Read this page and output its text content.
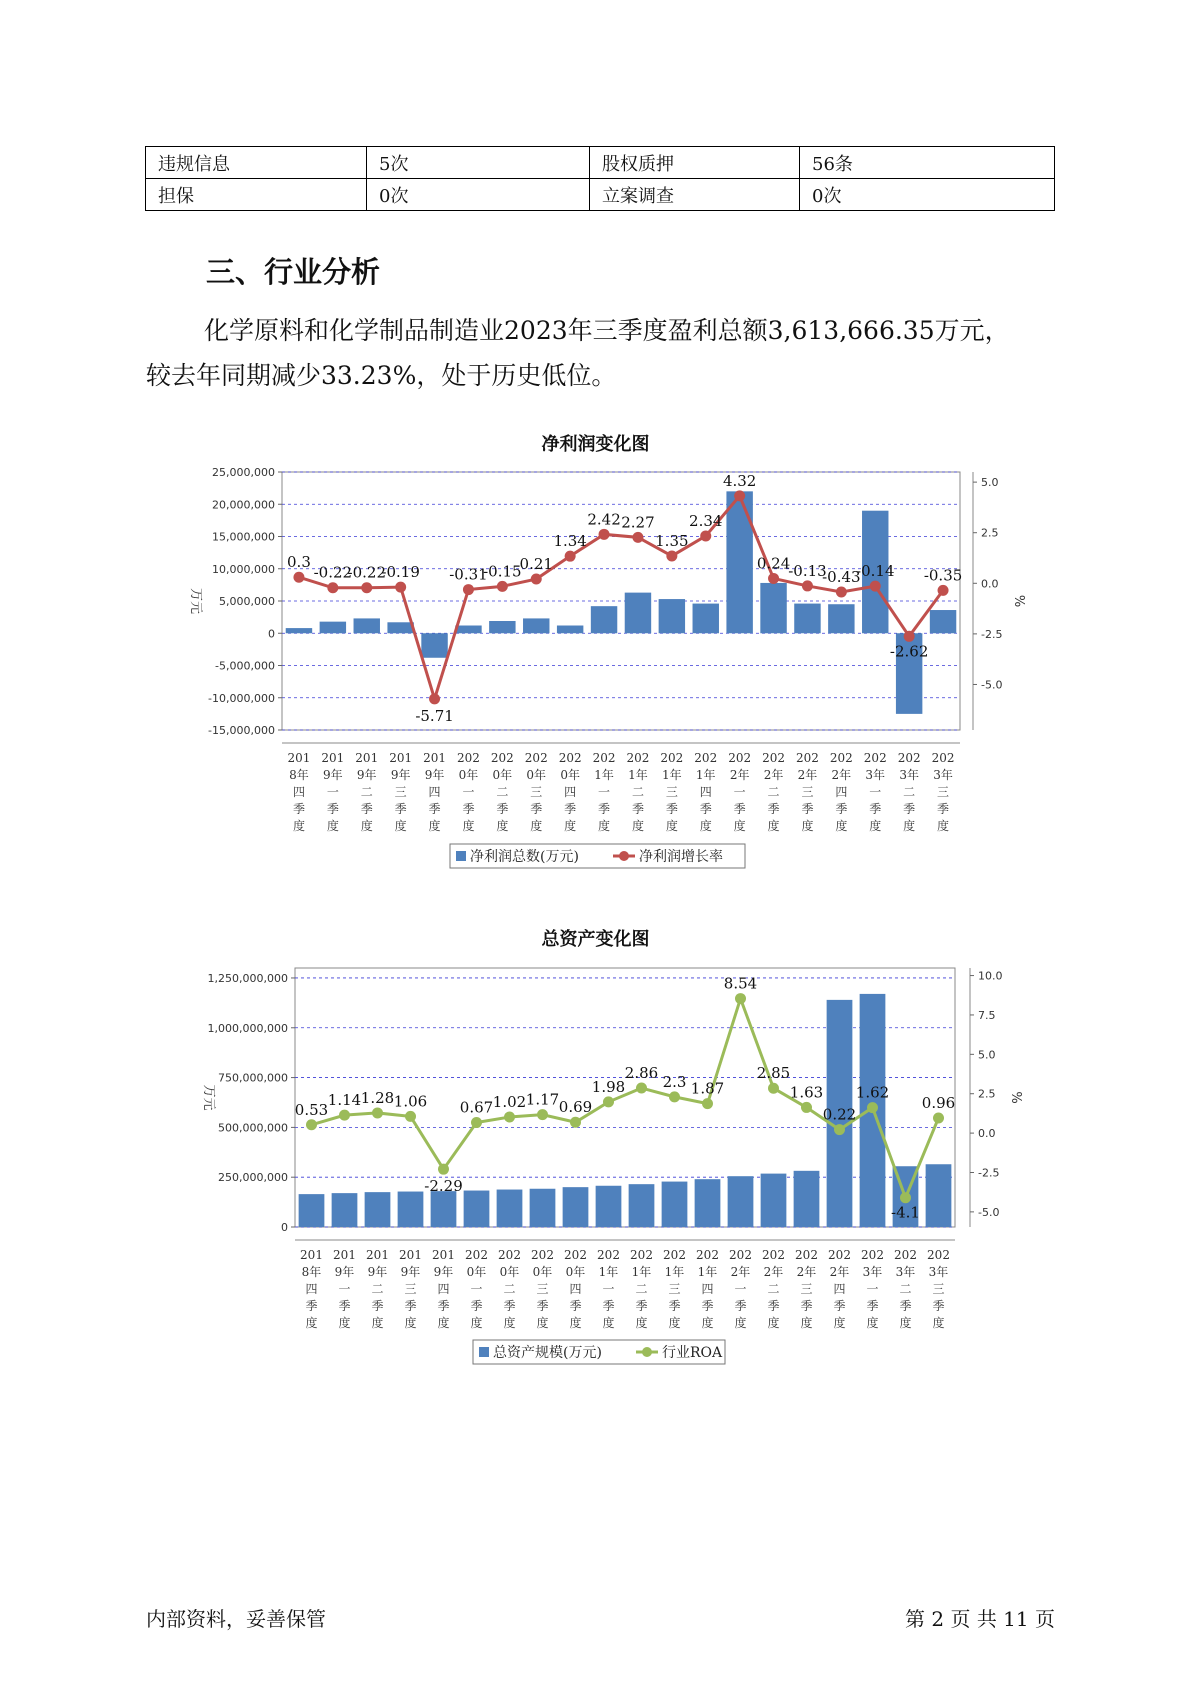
违规信息	5次	股权质押	56条
担保	0次	立案调查	0次
三、行业分析
化学原料和化学制品制造业2023年三季度盈利总额3,613,666.35万元，
较去年同期减少33.23%，处于历史低位。
净利润变化图
总资产变化图
25,000,000
20,000,000
15,000,000
10,000,000
5,000,000
0
-5,000,000
-10,000,000
-15,000,000
5.0
2.5
0.0
-2.5
-5.0
万元	%
0.3
-0.22
-0.22
-0.19
-5.71
-0.31
-0.15
0.21
1.34
2.42 2.27
1.35
2.34
4.32
0.24
-0.13
-0.43
-0.14
-2.62
-0.35
201
8年
四
季
度
201
9年
一
季
度
201
9年
二
季
度
201
9年
三
季
度
201
9年
四
季
度
202
0年
一
季
度
202
0年
二
季
度
202
0年
三
季
度
202
0年
四
季
度
202
1年
一
季
度
202
1年
二
季
度
202
1年
三
季
度
202
1年
四
季
度
202
2年
一
季
度
202
2年
二
季
度
202
2年
三
季
度
202
2年
四
季
度
202
3年
一
季
度
202
3年
二
季
度
202
3年
三
季
度
净利润总数(万元)	净利润增长率
1,250,000,000
1,000,000,000
750,000,000
500,000,000
250,000,000
0
10.0
7.5
5.0
2.5
0.0
-2.5
-5.0
万元	%
0.53
1.14 1.28 1.06
-2.29
0.67 1.02 1.17 0.69
1.98
2.86 2.3 1.87
8.54
2.85
1.63
0.22
1.62
-4.1
0.96
201
8年
四
季
度
201
9年
一
季
度
201
9年
二
季
度
201
9年
三
季
度
201
9年
四
季
度
202
0年
一
季
度
202
0年
二
季
度
202
0年
三
季
度
202
0年
四
季
度
202
1年
一
季
度
202
1年
二
季
度
202
1年
三
季
度
202
1年
四
季
度
202
2年
一
季
度
202
2年
二
季
度
202
2年
三
季
度
202
2年
四
季
度
202
3年
一
季
度
202
3年
二
季
度
202
3年
三
季
度
总资产规模(万元)	行业ROA
内部资料，妥善保管	第 2 页 共 11 页
